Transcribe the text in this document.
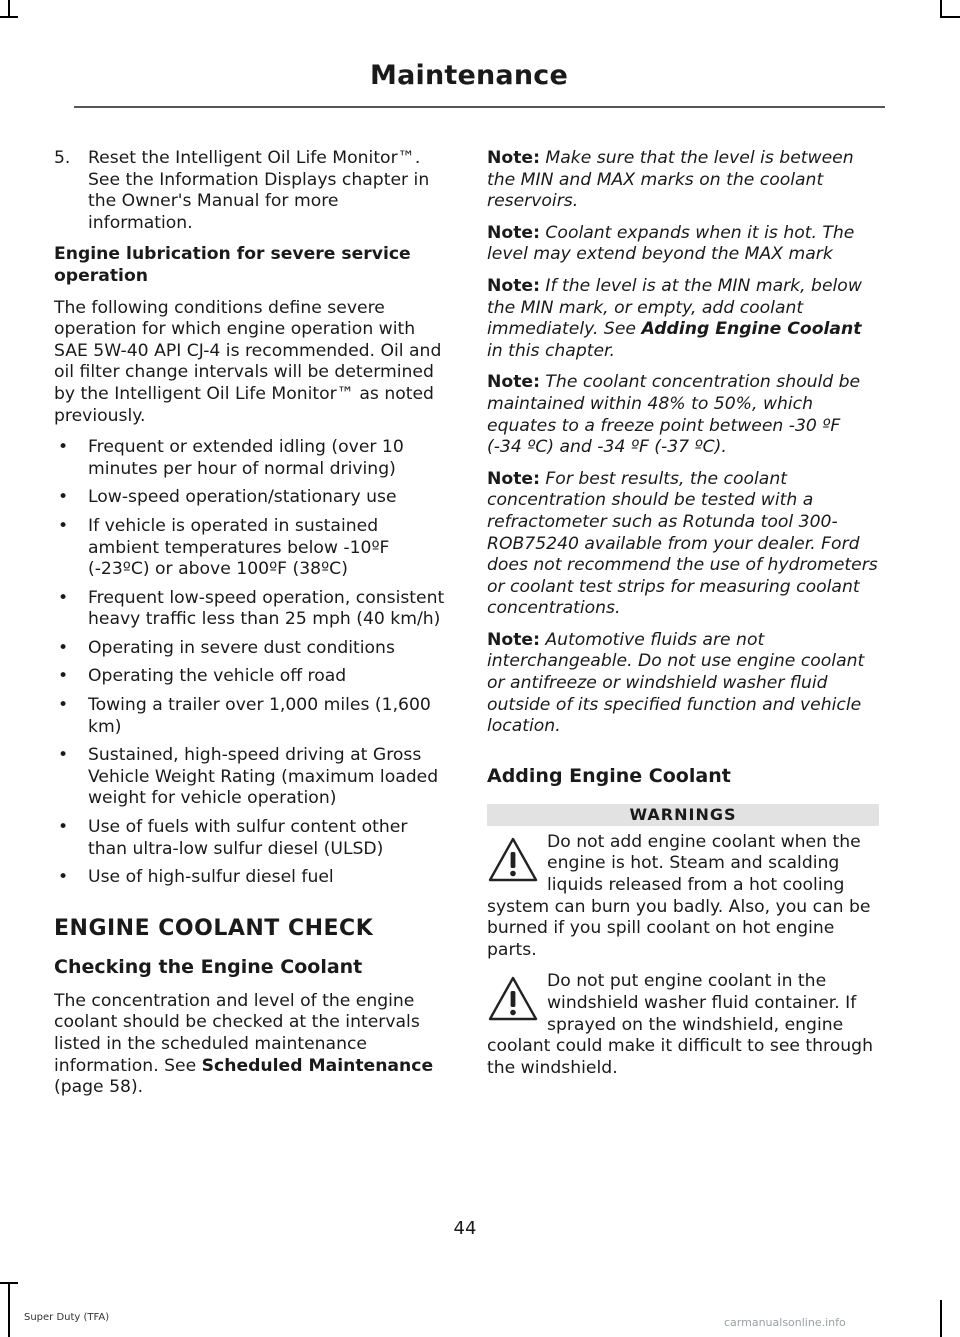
Maintenance
5.	Reset the Intelligent Oil Life Monitor™. See the Information Displays chapter in the Owner's Manual for more information.
Engine lubrication for severe service operation

The following conditions define severe operation for which engine operation with SAE 5W-40 API CJ-4 is recommended. Oil and oil filter change intervals will be determined by the Intelligent Oil Life Monitor™ as noted previously.

•	Frequent or extended idling (over 10 minutes per hour of normal driving)
•	Low-speed operation/stationary use
•	If vehicle is operated in sustained ambient temperatures below -10ºF (-23ºC) or above 100ºF (38ºC)
•	Frequent low-speed operation, consistent heavy traffic less than 25 mph (40 km/h)
•	Operating in severe dust conditions
•	Operating the vehicle off road
•	Towing a trailer over 1,000 miles (1,600 km)
•	Sustained, high-speed driving at Gross Vehicle Weight Rating (maximum loaded weight for vehicle operation)
•	Use of fuels with sulfur content other than ultra-low sulfur diesel (ULSD)
•	Use of high-sulfur diesel fuel
ENGINE COOLANT CHECK
Checking the Engine Coolant

The concentration and level of the engine coolant should be checked at the intervals listed in the scheduled maintenance information. See Scheduled Maintenance (page 58).

Note: Make sure that the level is between the MIN and MAX marks on the coolant reservoirs.
Note: Coolant expands when it is hot. The level may extend beyond the MAX mark
Note: If the level is at the MIN mark, below the MIN mark, or empty, add coolant immediately. See Adding Engine Coolant in this chapter.
Note: The coolant concentration should be maintained within 48% to 50%, which equates to a freeze point between -30 ºF (-34 ºC) and -34 ºF (-37 ºC).
Note: For best results, the coolant concentration should be tested with a refractometer such as Rotunda tool 300-ROB75240 available from your dealer. Ford does not recommend the use of hydrometers or coolant test strips for measuring coolant concentrations.
Note: Automotive fluids are not interchangeable. Do not use engine coolant or antifreeze or windshield washer fluid outside of its specified function and vehicle location.
Adding Engine Coolant
WARNINGS
Do not add engine coolant when the engine is hot. Steam and scalding liquids released from a hot cooling system can burn you badly. Also, you can be burned if you spill coolant on hot engine parts.
Do not put engine coolant in the windshield washer fluid container. If sprayed on the windshield, engine coolant could make it difficult to see through the windshield.
44
Super Duty (TFA)	carmanualsonline.info
